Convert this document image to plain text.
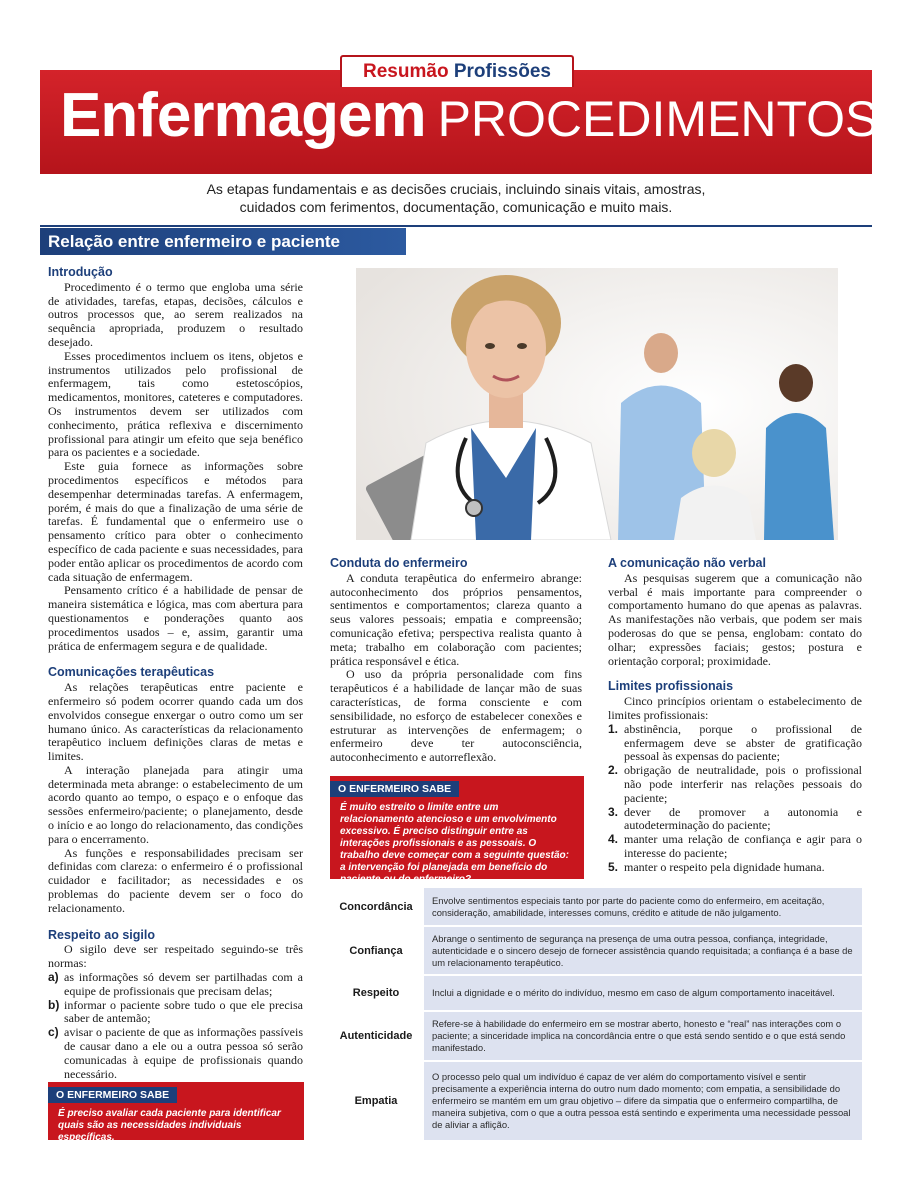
Resumão Profissões
Enfermagem PROCEDIMENTOS
As etapas fundamentais e as decisões cruciais, incluindo sinais vitais, amostras,
cuidados com ferimentos, documentação, comunicação e muito mais.
Relação entre enfermeiro e paciente
Introdução

Procedimento é o termo que engloba uma série de atividades, tarefas, etapas, decisões, cálculos e outros processos que, ao serem realizados na sequência apropriada, produzem o resultado desejado.

Esses procedimentos incluem os itens, objetos e instrumentos utilizados pelo profissional de enfermagem, tais como estetoscópios, medicamentos, monitores, cateteres e computadores. Os instrumentos devem ser utilizados com conhecimento, prática reflexiva e discernimento profissional para atingir um efeito que seja benéfico para os pacientes e a sociedade.

Este guia fornece as informações sobre procedimentos específicos e métodos para desempenhar determinadas tarefas. A enfermagem, porém, é mais do que a finalização de uma série de tarefas. É fundamental que o enfermeiro use o pensamento crítico para obter o conhecimento específico de cada paciente e suas necessidades, para poder então aplicar os procedimentos de acordo com cada situação de enfermagem.

Pensamento crítico é a habilidade de pensar de maneira sistemática e lógica, mas com abertura para questionamentos e ponderações quanto aos procedimentos usados – e, assim, garantir uma prática de enfermagem segura e de qualidade.

Comunicações terapêuticas

As relações terapêuticas entre paciente e enfermeiro só podem ocorrer quando cada um dos envolvidos consegue enxergar o outro como um ser humano único. As características da relacionamento terapêutico incluem definições claras de metas e limites.

A interação planejada para atingir uma determinada meta abrange: o estabelecimento de um acordo quanto ao tempo, o espaço e o enfoque das sessões enfermeiro/paciente; o planejamento, desde o início e ao longo do relacionamento, das condições para o encerramento.

As funções e responsabilidades precisam ser definidas com clareza: o enfermeiro é o profissional cuidador e facilitador; as necessidades e os problemas do paciente devem ser o foco do relacionamento.

Respeito ao sigilo

O sigilo deve ser respeitado seguindo-se três normas:

a) as informações só devem ser partilhadas com a equipe de profissionais que precisam delas;
b) informar o paciente sobre tudo o que ele precisa saber de antemão;
c) avisar o paciente de que as informações passíveis de causar dano a ele ou a outra pessoa só serão comunicadas à equipe de profissionais quando necessário.
O ENFERMEIRO SABE
É preciso avaliar cada paciente para identificar quais são as necessidades individuais específicas.
Conduta do enfermeiro

A conduta terapêutica do enfermeiro abrange: autoconhecimento dos próprios pensamentos, sentimentos e comportamentos; clareza quanto a seus valores pessoais; empatia e compreensão; comunicação efetiva; perspectiva realista quanto à meta; trabalho em colaboração com pacientes; prática responsável e ética.

O uso da própria personalidade com fins terapêuticos é a habilidade de lançar mão de suas características, de forma consciente e com sensibilidade, no esforço de estabelecer conexões e estruturar as intervenções de enfermagem; o enfermeiro deve ter autoconsciência, autoconhecimento e autorreflexão.

O ENFERMEIRO SABE
É muito estreito o limite entre um relacionamento atencioso e um envolvimento excessivo. É preciso distinguir entre as interações profissionais e as pessoais. O trabalho deve começar com a seguinte questão: a intervenção foi planejada em benefício do paciente ou do enfermeiro?
A comunicação não verbal

As pesquisas sugerem que a comunicação não verbal é mais importante para compreender o comportamento humano do que apenas as palavras. As manifestações não verbais, que podem ser mais poderosas do que se pensa, englobam: contato do olhar; expressões faciais; gestos; postura e orientação corporal; proximidade.

Limites profissionais

Cinco princípios orientam o estabelecimento de limites profissionais:

1. abstinência, porque o profissional de enfermagem deve se abster de gratificação pessoal às expensas do paciente;
2. obrigação de neutralidade, pois o profissional não pode interferir nas relações pessoais do paciente;
3. dever de promover a autonomia e autodeterminação do paciente;
4. manter uma relação de confiança e agir para o interesse do paciente;
5. manter o respeito pela dignidade humana.
Concordância	Envolve sentimentos especiais tanto por parte do paciente como do enfermeiro, em aceitação, consideração, amabilidade, interesses comuns, crédito e atitude de não julgamento.
Confiança	Abrange o sentimento de segurança na presença de uma outra pessoa, confiança, integridade, autenticidade e o sincero desejo de fornecer assistência quando requisitada; a confiança é a base de um relacionamento terapêutico.
Respeito	Inclui a dignidade e o mérito do indivíduo, mesmo em caso de algum comportamento inaceitável.
Autenticidade	Refere-se à habilidade do enfermeiro em se mostrar aberto, honesto e “real” nas interações com o paciente; a sinceridade implica na concordância entre o que está sendo sentido e o que está sendo manifestado.
Empatia	O processo pelo qual um indivíduo é capaz de ver além do comportamento visível e sentir precisamente a experiência interna do outro num dado momento; com empatia, a sensibilidade do enfermeiro se mantém em um grau objetivo – difere da simpatia que o enfermeiro compartilha, de maneira subjetiva, com o que a outra pessoa está sentindo e experimenta uma necessidade pessoal de aliviar a aflição.
